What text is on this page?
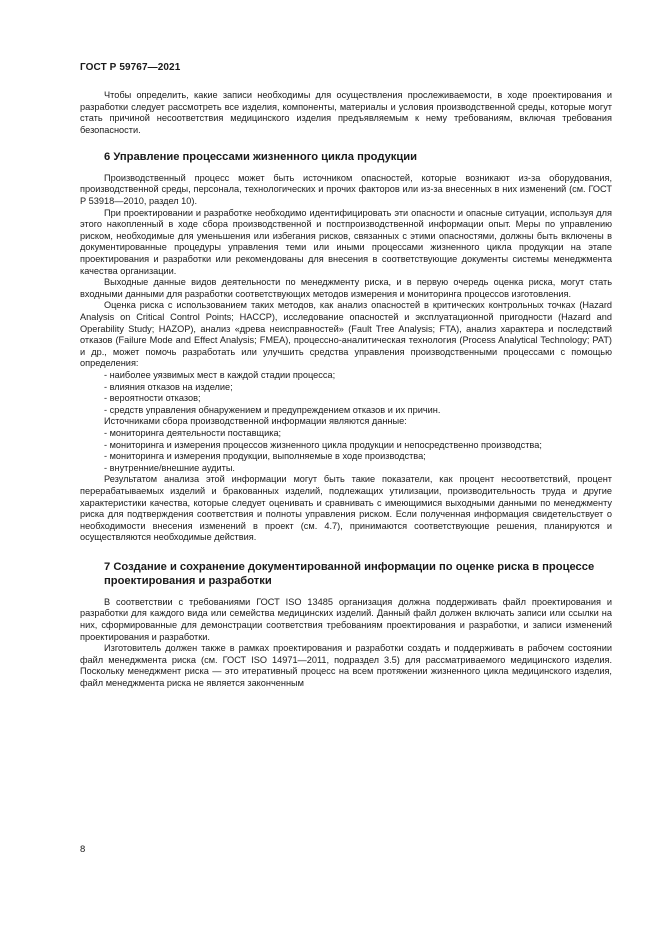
ГОСТ Р 59767—2021

Чтобы определить, какие записи необходимы для осуществления прослеживаемости, в ходе проектирования и разработки следует рассмотреть все изделия, компоненты, материалы и условия производственной среды, которые могут стать причиной несоответствия медицинского изделия предъявляемым к нему требованиям, включая требования безопасности.

6 Управление процессами жизненного цикла продукции

Производственный процесс может быть источником опасностей, которые возникают из-за оборудования, производственной среды, персонала, технологических и прочих факторов или из-за внесенных в них изменений (см. ГОСТ Р 53918—2010, раздел 10).

При проектировании и разработке необходимо идентифицировать эти опасности и опасные ситуации, используя для этого накопленный в ходе сбора производственной и постпроизводственной информации опыт. Меры по управлению риском, необходимые для уменьшения или избегания рисков, связанных с этими опасностями, должны быть включены в документированные процедуры управления теми или иными процессами жизненного цикла продукции на этапе проектирования и разработки или рекомендованы для внесения в соответствующие документы системы менеджмента качества организации.

Выходные данные видов деятельности по менеджменту риска, и в первую очередь оценка риска, могут стать входными данными для разработки соответствующих методов измерения и мониторинга процессов изготовления.

Оценка риска с использованием таких методов, как анализ опасностей в критических контрольных точках (Hazard Analysis on Critical Control Points; HACCP), исследование опасностей и эксплуатационной пригодности (Hazard and Operability Study; HAZOP), анализ «древа неисправностей» (Fault Tree Analysis; FTA), анализ характера и последствий отказов (Failure Mode and Effect Analysis; FMEA), процессно-аналитическая технология (Process Analytical Technology; PAT) и др., может помочь разработать или улучшить средства управления производственными процессами с помощью определения:

- наиболее уязвимых мест в каждой стадии процесса;

- влияния отказов на изделие;

- вероятности отказов;

- средств управления обнаружением и предупреждением отказов и их причин.

Источниками сбора производственной информации являются данные:

- мониторинга деятельности поставщика;

- мониторинга и измерения процессов жизненного цикла продукции и непосредственно производства;

- мониторинга и измерения продукции, выполняемые в ходе производства;

- внутренние/внешние аудиты.

Результатом анализа этой информации могут быть такие показатели, как процент несоответствий, процент перерабатываемых изделий и бракованных изделий, подлежащих утилизации, производительность труда и другие характеристики качества, которые следует оценивать и сравнивать с имеющимися выходными данными по менеджменту риска для подтверждения соответствия и полноты управления риском. Если полученная информация свидетельствует о необходимости внесения изменений в проект (см. 4.7), принимаются соответствующие решения, планируются и осуществляются необходимые действия.

7 Создание и сохранение документированной информации по оценке риска в процессе проектирования и разработки

В соответствии с требованиями ГОСТ ISO 13485 организация должна поддерживать файл проектирования и разработки для каждого вида или семейства медицинских изделий. Данный файл должен включать записи или ссылки на них, сформированные для демонстрации соответствия требованиям проектирования и разработки, и записи изменений проектирования и разработки.

Изготовитель должен также в рамках проектирования и разработки создать и поддерживать в рабочем состоянии файл менеджмента риска (см. ГОСТ ISO 14971—2011, подраздел 3.5) для рассматриваемого медицинского изделия. Поскольку менеджмент риска — это итеративный процесс на всем протяжении жизненного цикла медицинского изделия, файл менеджмента риска не является законченным

8
